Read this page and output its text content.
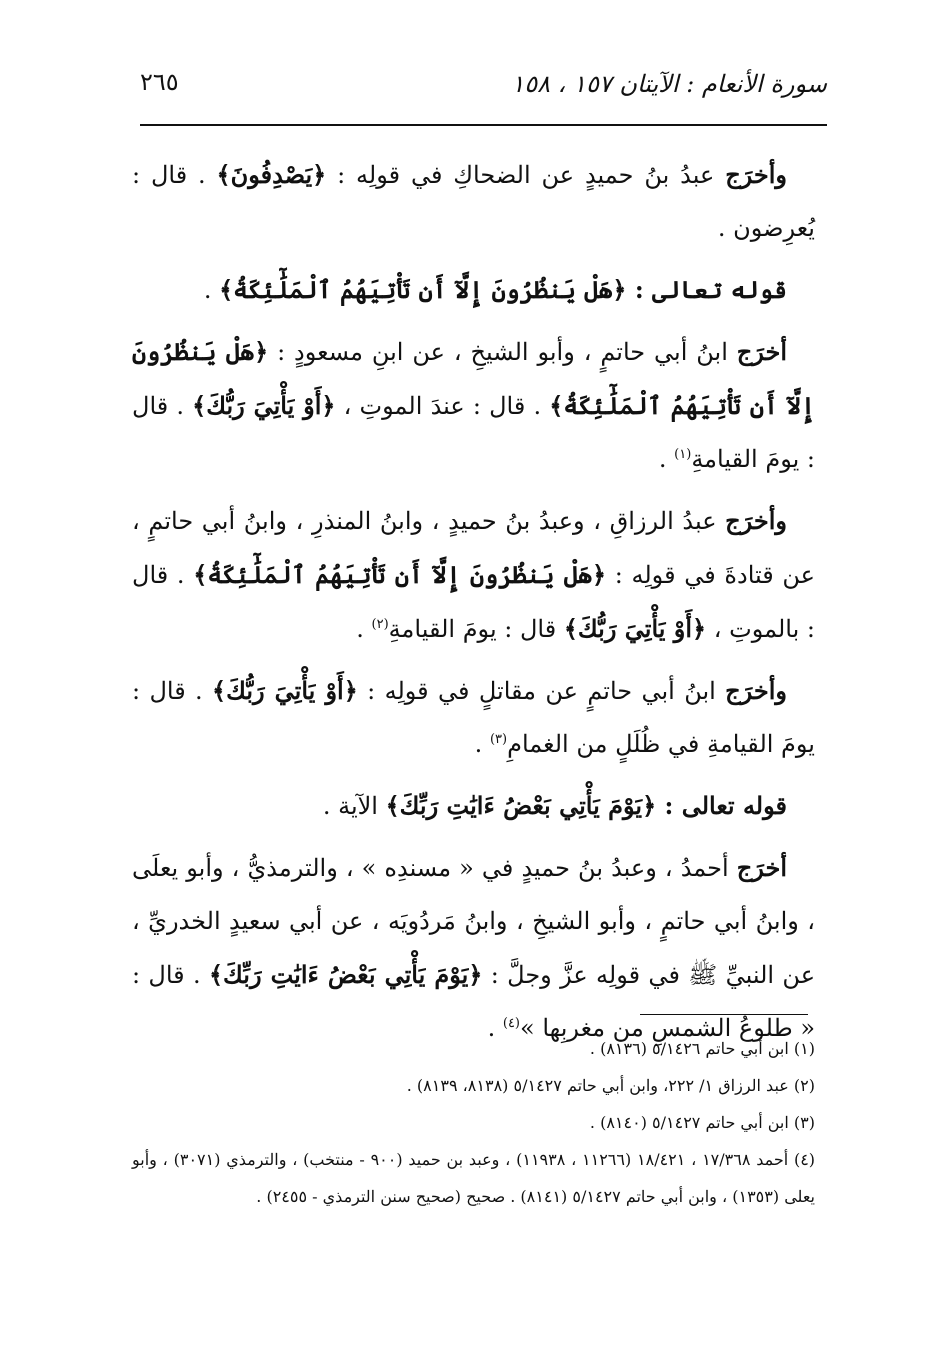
٢٦٥	سورة الأنعام : الآيتان ١٥٧ ، ١٥٨

وأخرَج عبدُ بنُ حميدٍ عن الضحاكِ في قولِه : ﴿يَصْدِفُونَ﴾ . قال : يُعرِضون .

قوله تعالى : ﴿هَلْ يَنظُرُونَ إِلَّآ أَن تَأْتِيَهُمُ ٱلْمَلَٰٓئِكَةُ﴾ .

أخرَج ابنُ أبي حاتمٍ ، وأبو الشيخِ ، عن ابنِ مسعودٍ : ﴿هَلْ يَنظُرُونَ إِلَّآ أَن تَأْتِيَهُمُ ٱلْمَلَٰٓئِكَةُ﴾ . قال : عندَ الموتِ ، ﴿أَوْ يَأْتِيَ رَبُّكَ﴾ . قال : يومَ القيامةِ$^{(١)}$ .

وأخرَج عبدُ الرزاقِ ، وعبدُ بنُ حميدٍ ، وابنُ المنذرِ ، وابنُ أبي حاتمٍ ، عن قتادةَ في قولِه : ﴿هَلْ يَنظُرُونَ إِلَّآ أَن تَأْتِيَهُمُ ٱلْمَلَٰٓئِكَةُ﴾ . قال : بالموتِ ، ﴿أَوْ يَأْتِيَ رَبُّكَ﴾ قال : يومَ القيامةِ$^{(٢)}$ .

وأخرَج ابنُ أبي حاتمٍ عن مقاتلٍ في قولِه : ﴿أَوْ يَأْتِيَ رَبُّكَ﴾ . قال : يومَ القيامةِ في ظُلَلٍ من الغمامِ$^{(٣)}$ .

قوله تعالى : ﴿يَوْمَ يَأْتِي بَعْضُ ءَايَٰتِ رَبِّكَ﴾ الآية .

أخرَج أحمدُ ، وعبدُ بنُ حميدٍ في « مسندِه » ، والترمذيُّ ، وأبو يعلَى ، وابنُ أبي حاتمٍ ، وأبو الشيخِ ، وابنُ مَردُويَه ، عن أبي سعيدٍ الخدريِّ ، عن النبيِّ ﷺ في قولِه عزَّ وجلَّ : ﴿يَوْمَ يَأْتِي بَعْضُ ءَايَٰتِ رَبِّكَ﴾ . قال : « طلوعُ الشمسِ من مغربِها »$^{(٤)}$ .

(١) ابن أبي حاتم ٥/١٤٢٦ (٨١٣٦) .

(٢) عبد الرزاق ١/ ٢٢٢، وابن أبي حاتم ٥/١٤٢٧ (٨١٣٨، ٨١٣٩) .

(٣) ابن أبي حاتم ٥/١٤٢٧ (٨١٤٠) .

(٤) أحمد ١٧/٣٦٨ ، ١٨/٤٢١ (١١٢٦٦ ، ١١٩٣٨) ، وعبد بن حميد (٩٠٠ - منتخب) ، والترمذي (٣٠٧١) ، وأبو يعلى (١٣٥٣) ، وابن أبي حاتم ٥/١٤٢٧ (٨١٤١) . صحيح (صحيح سنن الترمذي - ٢٤٥٥) .
